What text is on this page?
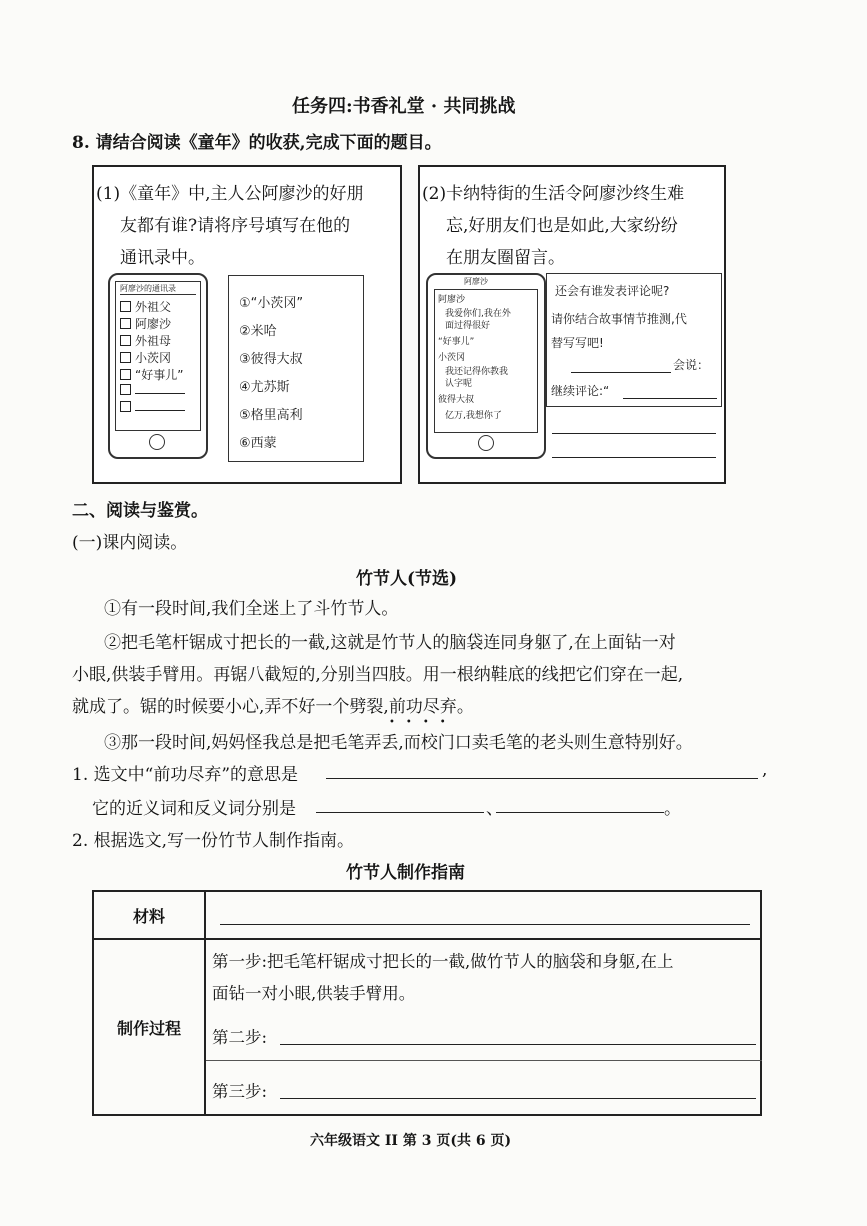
任务四:书香礼堂 · 共同挑战
8. 请结合阅读《童年》的收获,完成下面的题目。
(1)《童年》中,主人公阿廖沙的好朋
友都有谁?请将序号填写在他的
通讯录中。
阿廖沙的通讯录
外祖父
阿廖沙
外祖母
小茨冈
“好事儿”
①“小茨冈”
②米哈
③彼得大叔
④尤苏斯
⑤格里高利
⑥西蒙
(2)卡纳特街的生活令阿廖沙终生难
忘,好朋友们也是如此,大家纷纷
在朋友圈留言。
阿廖沙
阿廖沙
我爱你们,我在外
面过得很好
“好事儿”
小茨冈
我还记得你教我
认字呢
彼得大叔
亿万,我想你了
还会有谁发表评论呢?
请你结合故事情节推测,代
替写写吧!
会说：
继续评论:“
二、阅读与鉴赏。
(一)课内阅读。
竹节人(节选)
①有一段时间,我们全迷上了斗竹节人。
②把毛笔杆锯成寸把长的一截,这就是竹节人的脑袋连同身躯了,在上面钻一对
小眼,供装手臂用。再锯八截短的,分别当四肢。用一根纳鞋底的线把它们穿在一起,
就成了。锯的时候要小心,弄不好一个劈裂,前功尽弃
••••
。
③那一段时间,妈妈怪我总是把毛笔弄丢,而校门口卖毛笔的老头则生意特别好。
1. 选文中“前功尽弃”的意思是	,
它的近义词和反义词分别是	、	。
2. 根据选文,写一份竹节人制作指南。
竹节人制作指南
材料	

制作过程	第一步:把毛笔杆锯成寸把长的一截,做竹节人的脑袋和身躯,在上
面钻一对小眼,供装手臂用。
第二步:
第三步:
六年级语文 II 第 3 页(共 6 页)
